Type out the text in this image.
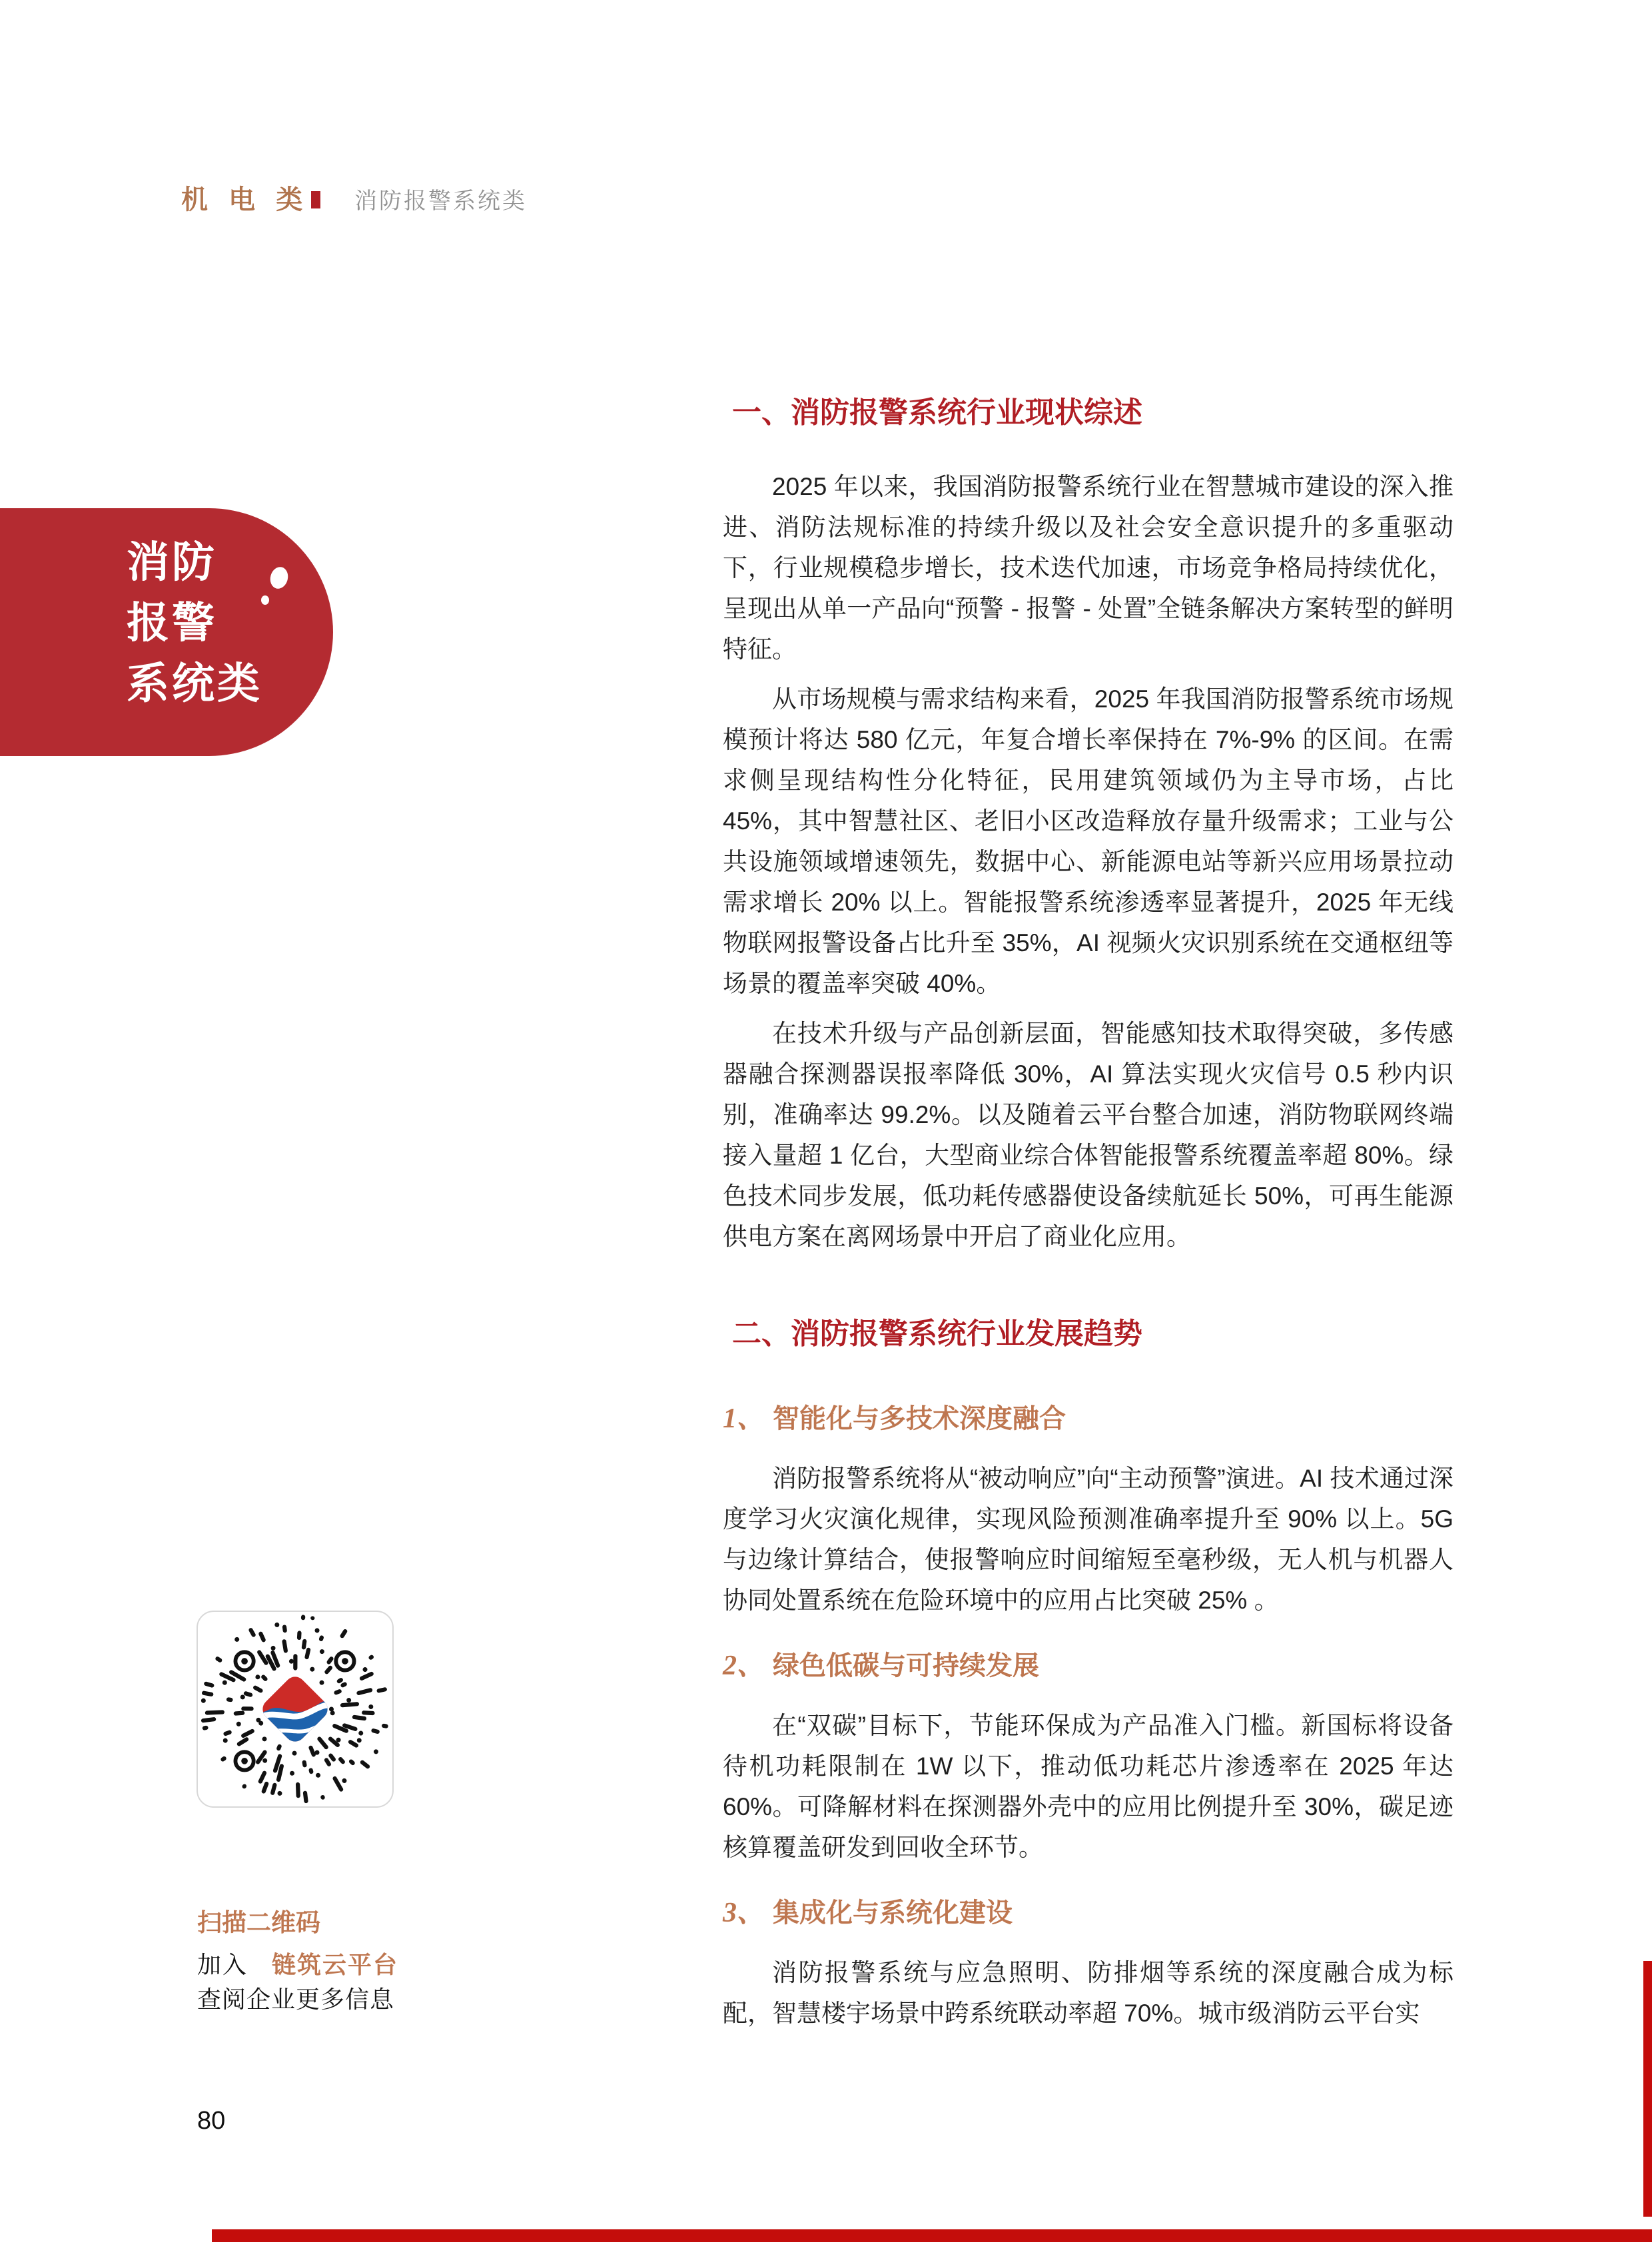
机 电 类 消防报警系统类
消防
报警
系统类
一、消防报警系统行业现状综述

2025 年以来，我国消防报警系统行业在智慧城市建设的深入推进、消防法规标准的持续升级以及社会安全意识提升的多重驱动下，行业规模稳步增长，技术迭代加速，市场竞争格局持续优化，呈现出从单一产品向“预警 - 报警 - 处置”全链条解决方案转型的鲜明特征。

从市场规模与需求结构来看，2025 年我国消防报警系统市场规模预计将达 580 亿元，年复合增长率保持在 7%-9% 的区间。在需求侧呈现结构性分化特征，民用建筑领域仍为主导市场，占比 45%，其中智慧社区、老旧小区改造释放存量升级需求；工业与公共设施领域增速领先，数据中心、新能源电站等新兴应用场景拉动需求增长 20% 以上。智能报警系统渗透率显著提升，2025 年无线物联网报警设备占比升至 35%，AI 视频火灾识别系统在交通枢纽等场景的覆盖率突破 40%。

在技术升级与产品创新层面，智能感知技术取得突破，多传感器融合探测器误报率降低 30%，AI 算法实现火灾信号 0.5 秒内识别，准确率达 99.2%。以及随着云平台整合加速，消防物联网终端接入量超 1 亿台，大型商业综合体智能报警系统覆盖率超 80%。绿色技术同步发展，低功耗传感器使设备续航延长 50%，可再生能源供电方案在离网场景中开启了商业化应用。

二、消防报警系统行业发展趋势
1、 智能化与多技术深度融合

消防报警系统将从“被动响应”向“主动预警”演进。AI 技术通过深度学习火灾演化规律，实现风险预测准确率提升至 90% 以上。5G 与边缘计算结合，使报警响应时间缩短至毫秒级，无人机与机器人协同处置系统在危险环境中的应用占比突破 25% 。

2、 绿色低碳与可持续发展

在“双碳”目标下，节能环保成为产品准入门槛。新国标将设备待机功耗限制在 1W 以下，推动低功耗芯片渗透率在 2025 年达 60%。可降解材料在探测器外壳中的应用比例提升至 30%，碳足迹核算覆盖研发到回收全环节。

3、 集成化与系统化建设

消防报警系统与应急照明、防排烟等系统的深度融合成为标配，智慧楼宇场景中跨系统联动率超 70%。城市级消防云平台实

扫描二维码
加入 链筑云平台
查阅企业更多信息
80
